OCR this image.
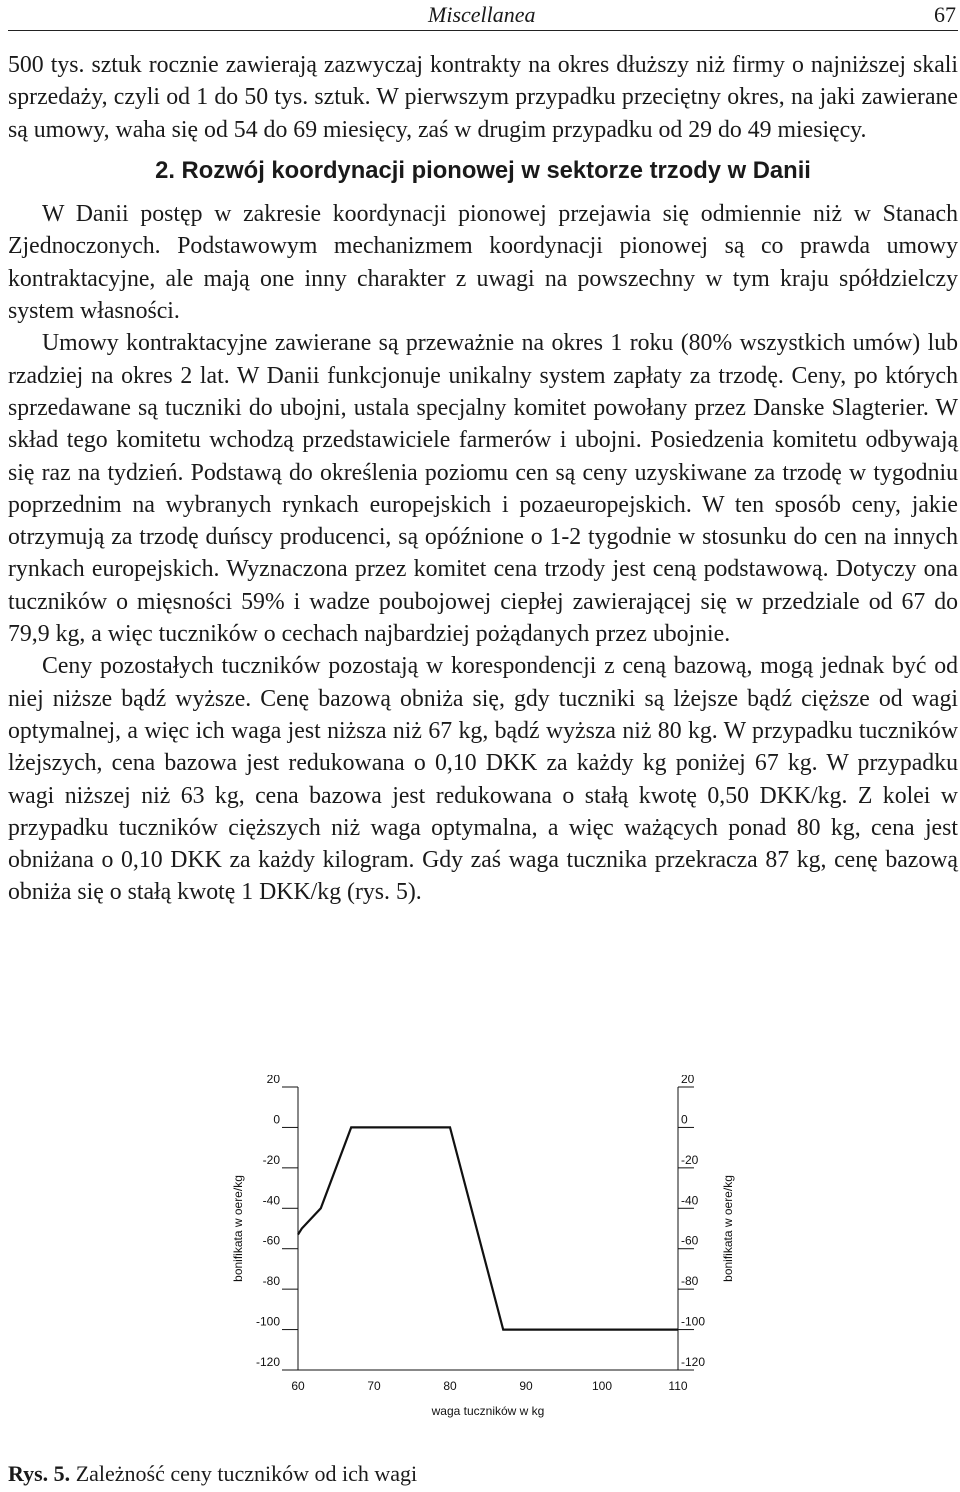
Miscellanea	67

500 tys. sztuk rocznie zawierają zazwyczaj kontrakty na okres dłuższy niż firmy o najniższej skali sprzedaży, czyli od 1 do 50 tys. sztuk. W pierwszym przypadku przeciętny okres, na jaki zawierane są umowy, waha się od 54 do 69 miesięcy, zaś w drugim przypadku od 29 do 49 miesięcy.

2. Rozwój koordynacji pionowej w sektorze trzody w Danii

W Danii postęp w zakresie koordynacji pionowej przejawia się odmiennie niż w Stanach Zjednoczonych. Podstawowym mechanizmem koordynacji pionowej są co prawda umowy kontraktacyjne, ale mają one inny charakter z uwagi na powszechny w tym kraju spółdzielczy system własności.

Umowy kontraktacyjne zawierane są przeważnie na okres 1 roku (80% wszystkich umów) lub rzadziej na okres 2 lat. W Danii funkcjonuje unikalny system zapłaty za trzodę. Ceny, po których sprzedawane są tuczniki do ubojni, ustala specjalny komitet powołany przez Danske Slagterier. W skład tego komitetu wchodzą przedstawiciele farmerów i ubojni. Posiedzenia komitetu odbywają się raz na tydzień. Podstawą do określenia poziomu cen są ceny uzyskiwane za trzodę w tygodniu poprzednim na wybranych rynkach europejskich i pozaeuropejskich. W ten sposób ceny, jakie otrzymują za trzodę duńscy producenci, są opóźnione o 1-2 tygodnie w stosunku do cen na innych rynkach europejskich. Wyznaczona przez komitet cena trzody jest ceną podstawową. Dotyczy ona tuczników o mięsności 59% i wadze poubojowej ciepłej zawierającej się w przedziale od 67 do 79,9 kg, a więc tuczników o cechach najbardziej pożądanych przez ubojnie.

Ceny pozostałych tuczników pozostają w korespondencji z ceną bazową, mogą jednak być od niej niższe bądź wyższe. Cenę bazową obniża się, gdy tuczniki są lżejsze bądź cięższe od wagi optymalnej, a więc ich waga jest niższa niż 67 kg, bądź wyższa niż 80 kg. W przypadku tuczników lżejszych, cena bazowa jest redukowana o 0,10 DKK za każdy kg poniżej 67 kg. W przypadku wagi niższej niż 63 kg, cena bazowa jest redukowana o stałą kwotę 0,50 DKK/kg. Z kolei w przypadku tuczników cięższych niż waga optymalna, a więc ważących ponad 80 kg, cena jest obniżana o 0,10 DKK za każdy kilogram. Gdy zaś waga tucznika przekracza 87 kg, cenę bazową obniża się o stałą kwotę 1 DKK/kg (rys. 5).

20
0
-20
-40
-60
-80
-100
-120
20
0
-20
-40
-60
-80
-100
-120
60	70	80	90	100	110
waga tuczników w kg
bonifikata w oere/kg	bonifikata w oere/kg
Rys. 5. Zależność ceny tuczników od ich wagi
